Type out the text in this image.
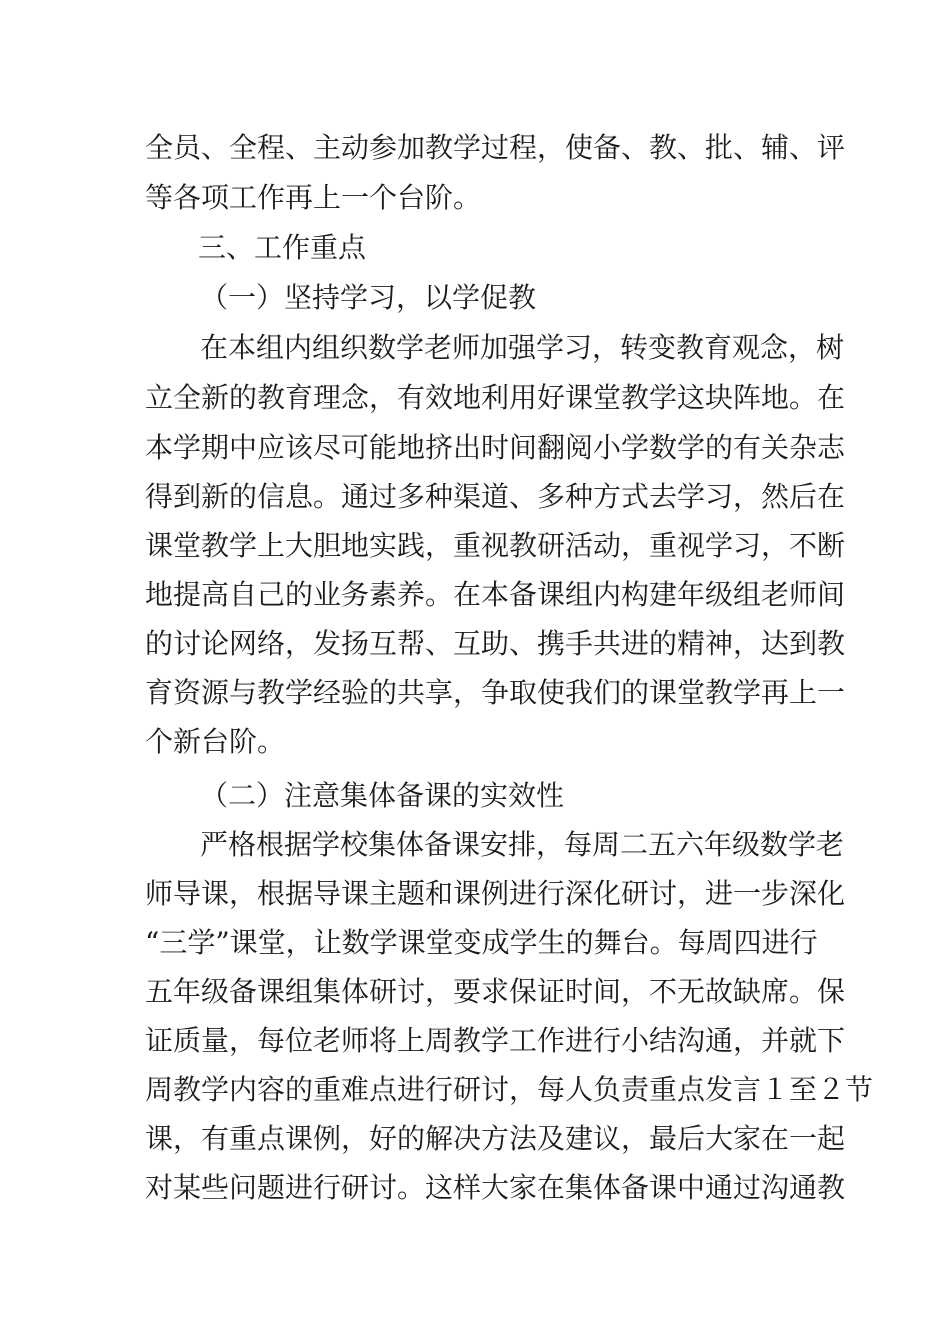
全员、全程、主动参加教学过程，使备、教、批、辅、评
等各项工作再上一个台阶。
三、工作重点
（一）坚持学习，以学促教
在本组内组织数学老师加强学习，转变教育观念，树
立全新的教育理念，有效地利用好课堂教学这块阵地。在
本学期中应该尽可能地挤出时间翻阅小学数学的有关杂志
得到新的信息。通过多种渠道、多种方式去学习，然后在
课堂教学上大胆地实践，重视教研活动，重视学习，不断
地提高自己的业务素养。在本备课组内构建年级组老师间
的讨论网络，发扬互帮、互助、携手共进的精神，达到教
育资源与教学经验的共享，争取使我们的课堂教学再上一
个新台阶。
（二）注意集体备课的实效性
严格根据学校集体备课安排，每周二五六年级数学老
师导课，根据导课主题和课例进行深化研讨，进一步深化
“三学”课堂，让数学课堂变成学生的舞台。每周四进行
五年级备课组集体研讨，要求保证时间，不无故缺席。保
证质量，每位老师将上周教学工作进行小结沟通，并就下
周教学内容的重难点进行研讨，每人负责重点发言１至２节
课，有重点课例，好的解决方法及建议，最后大家在一起
对某些问题进行研讨。这样大家在集体备课中通过沟通教
